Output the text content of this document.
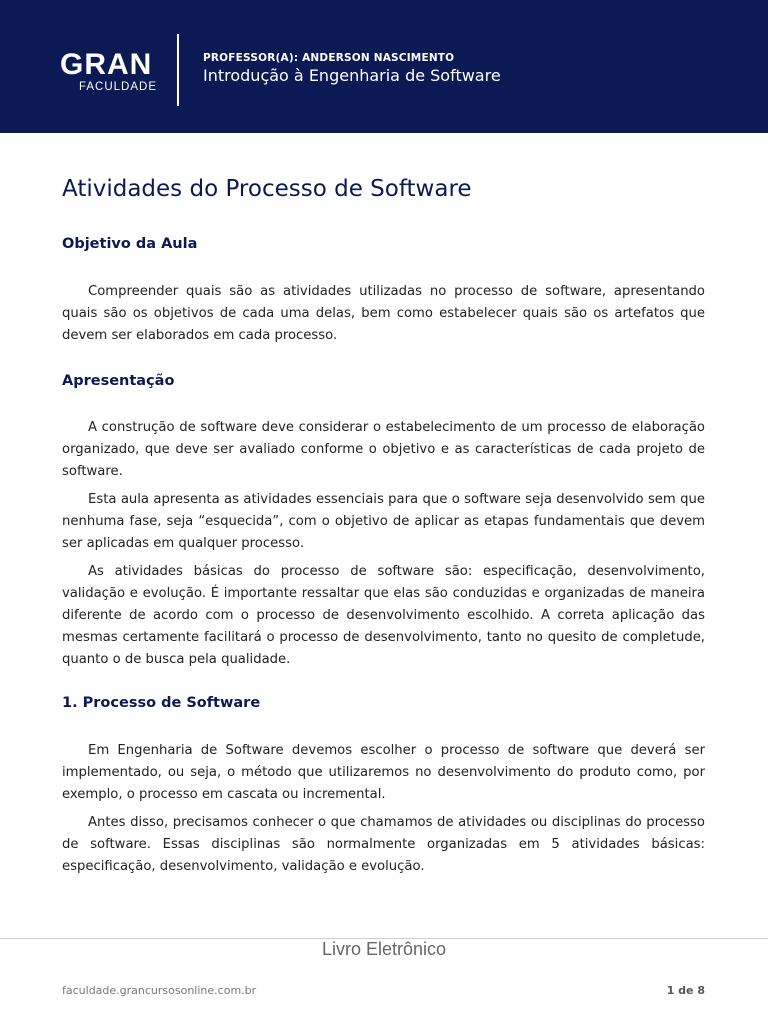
GRAN
FACULDADE
PROFESSOR(A): ANDERSON NASCIMENTO
Introdução à Engenharia de Software
Atividades do Processo de Software
Objetivo da Aula

Compreender quais são as atividades utilizadas no processo de software, apresentando quais são os objetivos de cada uma delas, bem como estabelecer quais são os artefatos que devem ser elaborados em cada processo.

Apresentação

A construção de software deve considerar o estabelecimento de um processo de elaboração organizado, que deve ser avaliado conforme o objetivo e as características de cada projeto de software.

Esta aula apresenta as atividades essenciais para que o software seja desenvolvido sem que nenhuma fase, seja “esquecida”, com o objetivo de aplicar as etapas fundamentais que devem ser aplicadas em qualquer processo.

As atividades básicas do processo de software são: especificação, desenvolvimento, validação e evolução. É importante ressaltar que elas são conduzidas e organizadas de maneira diferente de acordo com o processo de desenvolvimento escolhido. A correta aplicação das mesmas certamente facilitará o processo de desenvolvimento, tanto no quesito de completude, quanto o de busca pela qualidade.

1. Processo de Software

Em Engenharia de Software devemos escolher o processo de software que deverá ser implementado, ou seja, o método que utilizaremos no desenvolvimento do produto como, por exemplo, o processo em cascata ou incremental.

Antes disso, precisamos conhecer o que chamamos de atividades ou disciplinas do processo de software. Essas disciplinas são normalmente organizadas em 5 atividades básicas: especificação, desenvolvimento, validação e evolução.

Livro Eletrônico
faculdade.grancursosonline.com.br	1 de 8
